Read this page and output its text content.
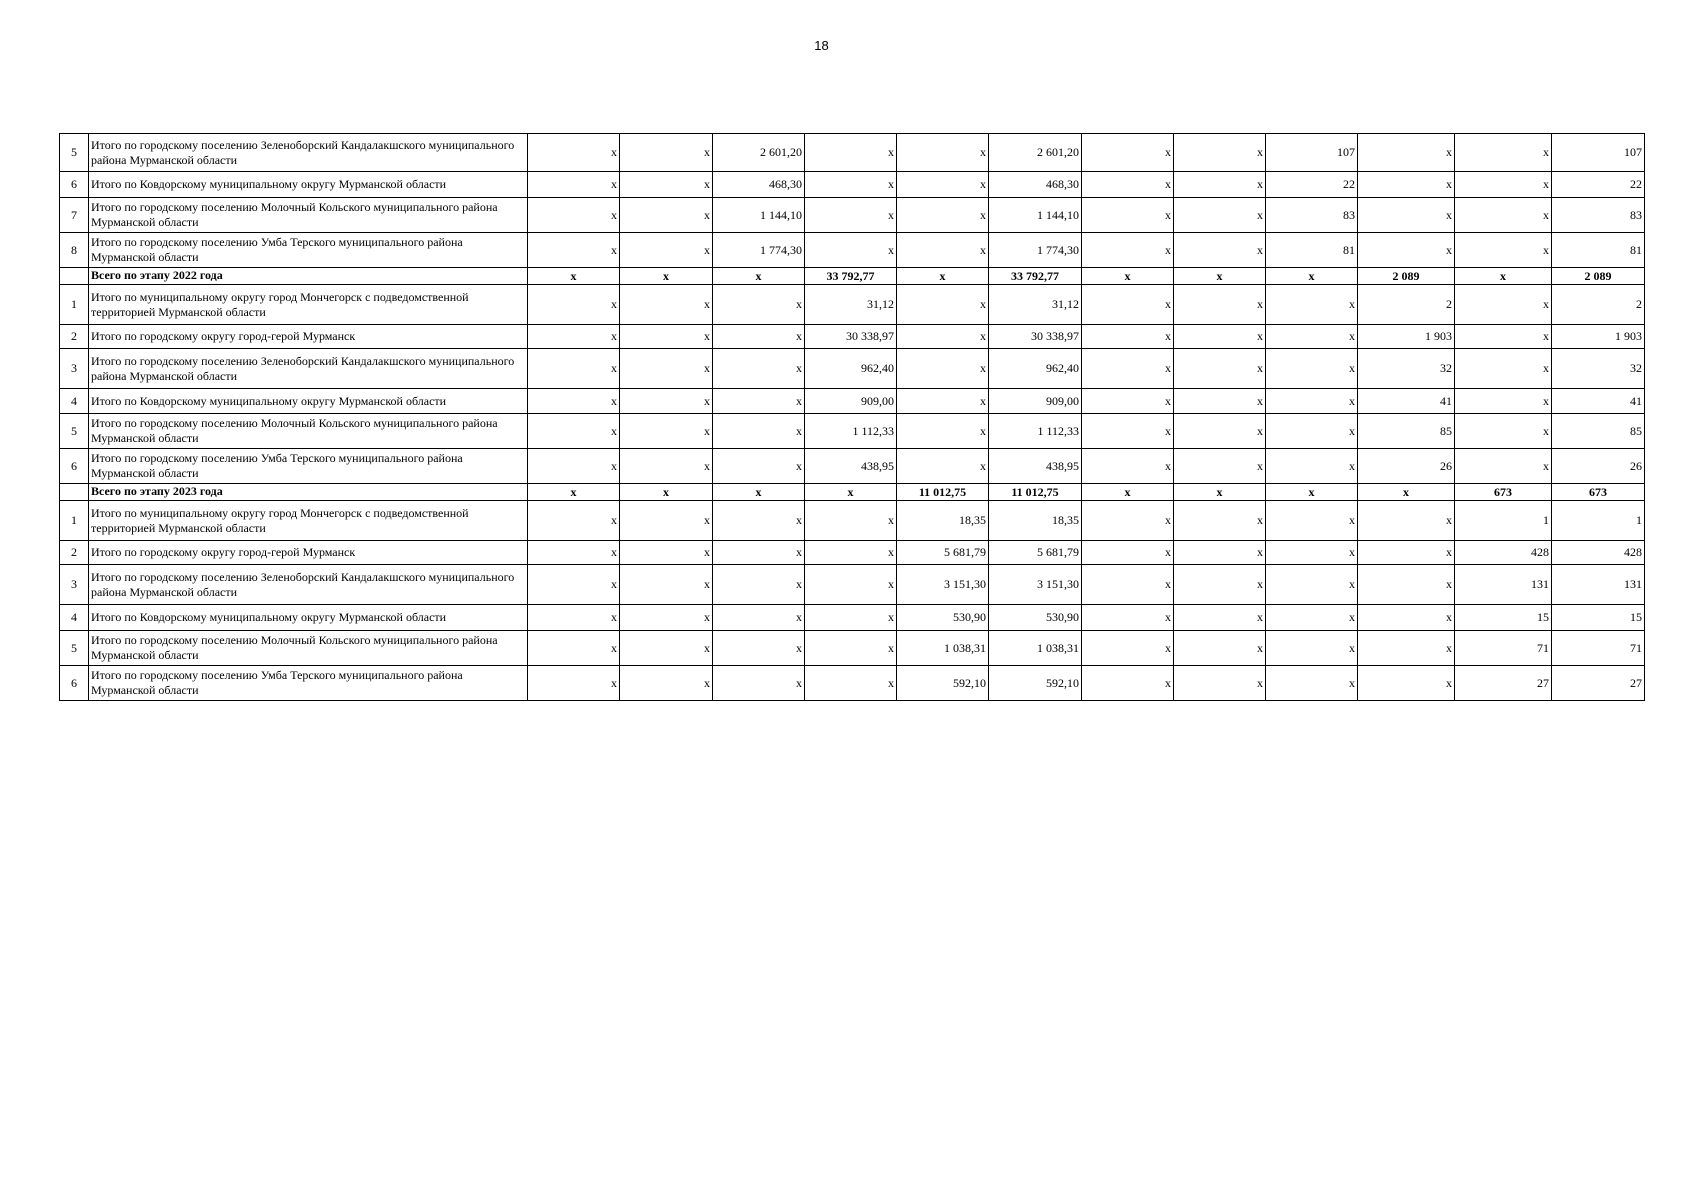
18
5	Итого по городскому поселению Зеленоборский Кандалакшского муниципального района Мурманской области	x	x	2 601,20	x	x	2 601,20	x	x	107	x	x	107
6	Итого по Ковдорскому муниципальному округу Мурманской области	x	x	468,30	x	x	468,30	x	x	22	x	x	22
7	Итого по городскому поселению Молочный Кольского муниципального района Мурманской области	x	x	1 144,10	x	x	1 144,10	x	x	83	x	x	83
8	Итого по городскому поселению Умба Терского муниципального района Мурманской области	x	x	1 774,30	x	x	1 774,30	x	x	81	x	x	81
	Всего по этапу 2022 года	x	x	x	33 792,77	x	33 792,77	x	x	x	2 089	x	2 089
1	Итого по муниципальному округу город Мончегорск с подведомственной территорией Мурманской области	x	x	x	31,12	x	31,12	x	x	x	2	x	2
2	Итого по городскому округу город-герой Мурманск	x	x	x	30 338,97	x	30 338,97	x	x	x	1 903	x	1 903
3	Итого по городскому поселению Зеленоборский Кандалакшского муниципального района Мурманской области	x	x	x	962,40	x	962,40	x	x	x	32	x	32
4	Итого по Ковдорскому муниципальному округу Мурманской области	x	x	x	909,00	x	909,00	x	x	x	41	x	41
5	Итого по городскому поселению Молочный Кольского муниципального района Мурманской области	x	x	x	1 112,33	x	1 112,33	x	x	x	85	x	85
6	Итого по городскому поселению Умба Терского муниципального района Мурманской области	x	x	x	438,95	x	438,95	x	x	x	26	x	26
	Всего по этапу 2023 года	x	x	x	x	11 012,75	11 012,75	x	x	x	x	673	673
1	Итого по муниципальному округу город Мончегорск с подведомственной территорией Мурманской области	x	x	x	x	18,35	18,35	x	x	x	x	1	1
2	Итого по городскому округу город-герой Мурманск	x	x	x	x	5 681,79	5 681,79	x	x	x	x	428	428
3	Итого по городскому поселению Зеленоборский Кандалакшского муниципального района Мурманской области	x	x	x	x	3 151,30	3 151,30	x	x	x	x	131	131
4	Итого по Ковдорскому муниципальному округу Мурманской области	x	x	x	x	530,90	530,90	x	x	x	x	15	15
5	Итого по городскому поселению Молочный Кольского муниципального района Мурманской области	x	x	x	x	1 038,31	1 038,31	x	x	x	x	71	71
6	Итого по городскому поселению Умба Терского муниципального района Мурманской области	x	x	x	x	592,10	592,10	x	x	x	x	27	27
